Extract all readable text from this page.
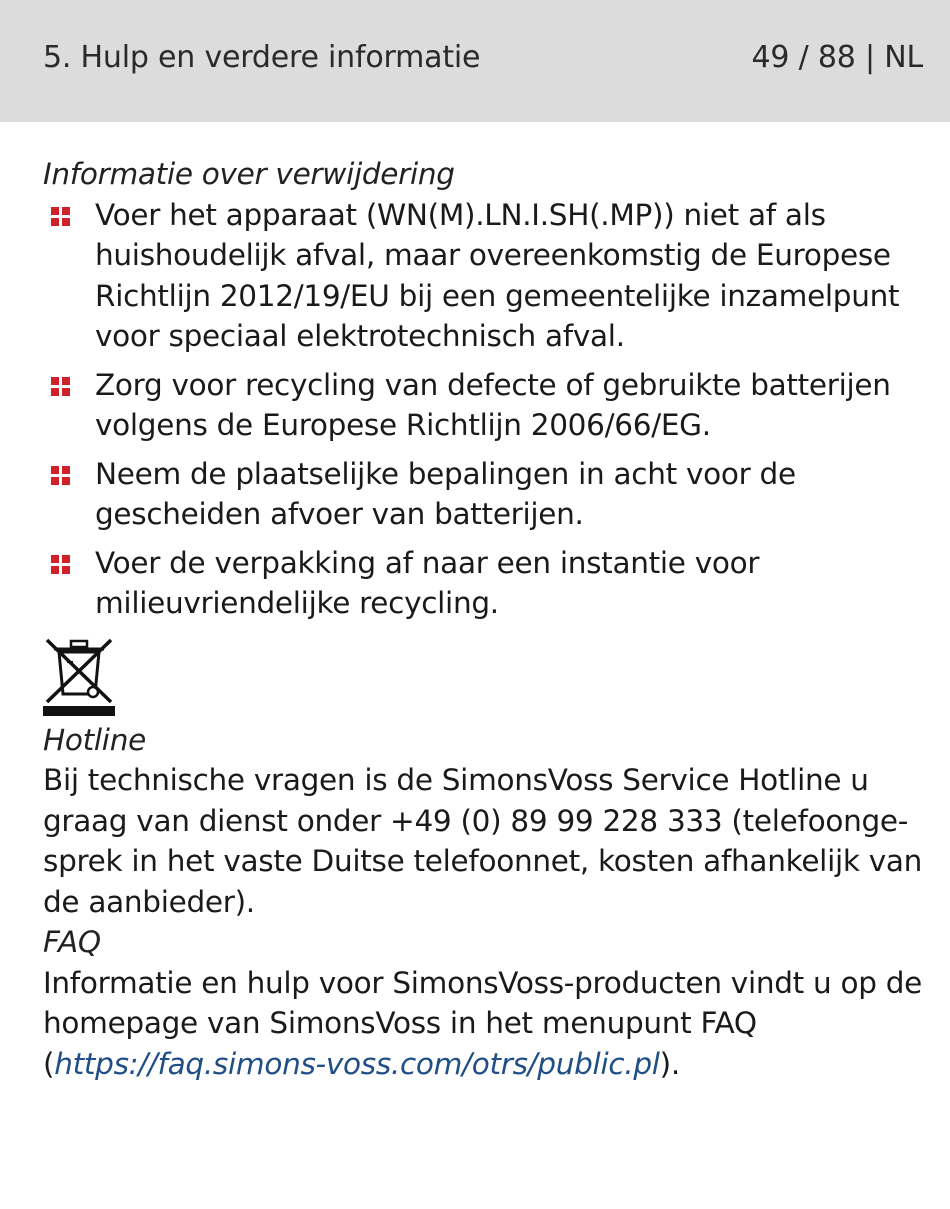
5. Hulp en verdere informatie	49 / 88 | NL
Informatie over verwijdering
Voer het apparaat (WN(M).LN.I.SH(.MP)) niet af als huishoudelijk afval, maar overeenkomstig de Europese Richtlijn 2012/19/EU bij een gemeentelijke inzamelpunt voor speciaal elektrotechnisch afval.
Zorg voor recycling van defecte of gebruikte batterijen volgens de Europese Richtlijn 2006/66/EG.
Neem de plaatselijke bepalingen in acht voor de gescheiden afvoer van batterijen.
Voer de verpakking af naar een instantie voor milieuvriendelijke recycling.
Hotline
Bij technische vragen is de SimonsVoss Service Hotline u graag van dienst onder +49 (0) 89 99 228 333 (telefoonge-sprek in het vaste Duitse telefoonnet, kosten afhankelijk van de aanbieder).
FAQ
Informatie en hulp voor SimonsVoss-producten vindt u op de homepage van SimonsVoss in het menupunt FAQ (https://faq.simons-voss.com/otrs/public.pl).
